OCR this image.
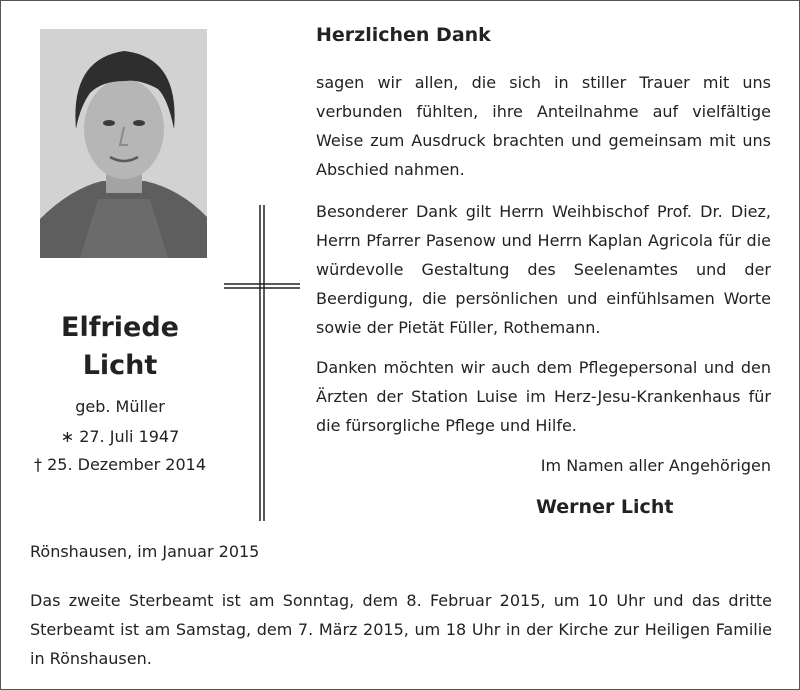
Elfriede
Licht
geb. Müller
∗ 27. Juli 1947
† 25. Dezember 2014
Herzlichen Dank

sagen wir allen, die sich in stiller Trauer mit uns verbunden fühlten, ihre Anteilnahme auf vielfältige Weise zum Ausdruck brachten und gemeinsam mit uns Abschied nahmen.

Besonderer Dank gilt Herrn Weihbischof Prof. Dr. Diez, Herrn Pfarrer Pasenow und Herrn Kaplan Agricola für die würdevolle Gestaltung des Seelenamtes und der Beerdigung, die persönlichen und einfühlsamen Worte sowie der Pietät Füller, Rothemann.

Danken möchten wir auch dem Pflegepersonal und den Ärzten der Station Luise im Herz-Jesu-Krankenhaus für die fürsorgliche Pflege und Hilfe.

Im Namen aller Angehörigen
Werner Licht
Rönshausen, im Januar 2015

Das zweite Sterbeamt ist am Sonntag, dem 8. Februar 2015, um 10 Uhr und das dritte Sterbeamt ist am Samstag, dem 7. März 2015, um 18 Uhr in der Kirche zur Heiligen Familie in Rönshausen.
